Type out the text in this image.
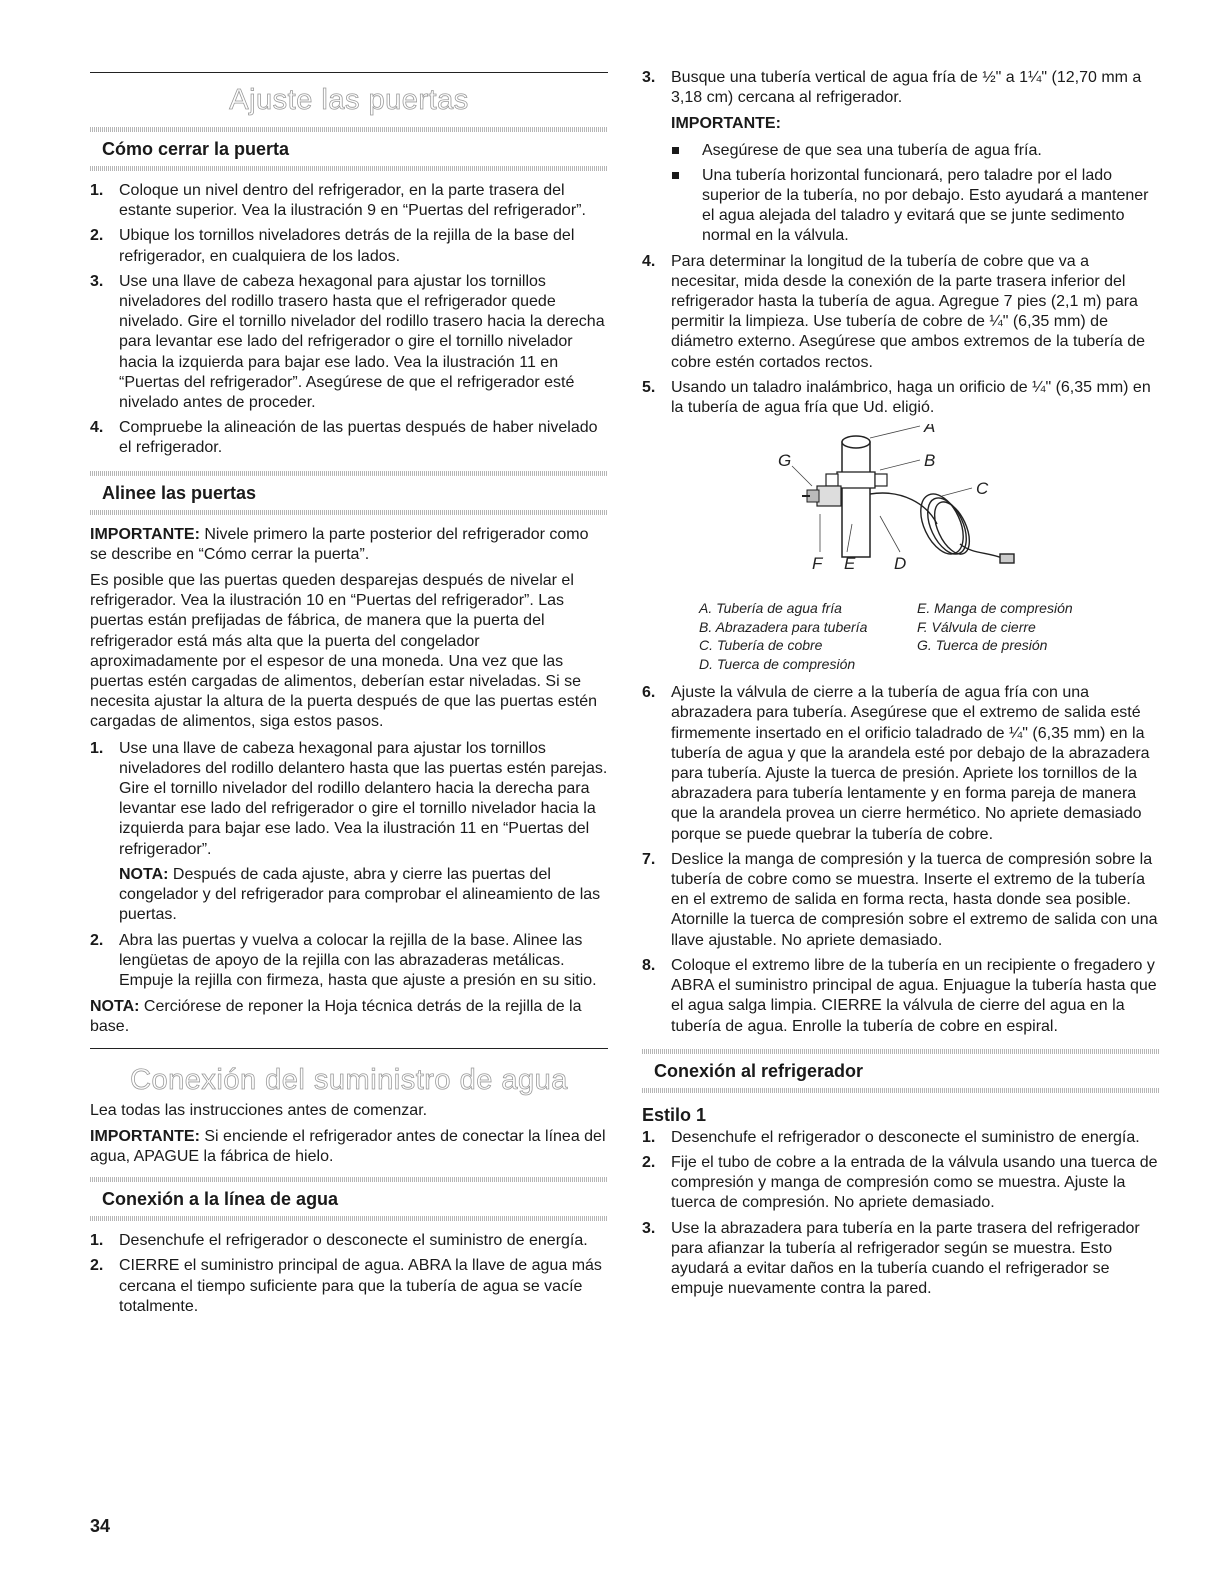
Ajuste las puertas
Cómo cerrar la puerta
1. Coloque un nivel dentro del refrigerador, en la parte trasera del estante superior. Vea la ilustración 9 en “Puertas del refrigerador”.
2. Ubique los tornillos niveladores detrás de la rejilla de la base del refrigerador, en cualquiera de los lados.
3. Use una llave de cabeza hexagonal para ajustar los tornillos niveladores del rodillo trasero hasta que el refrigerador quede nivelado. Gire el tornillo nivelador del rodillo trasero hacia la derecha para levantar ese lado del refrigerador o gire el tornillo nivelador hacia la izquierda para bajar ese lado. Vea la ilustración 11 en “Puertas del refrigerador”. Asegúrese de que el refrigerador esté nivelado antes de proceder.
4. Compruebe la alineación de las puertas después de haber nivelado el refrigerador.
Alinee las puertas

IMPORTANTE: Nivele primero la parte posterior del refrigerador como se describe en “Cómo cerrar la puerta”.

Es posible que las puertas queden desparejas después de nivelar el refrigerador. Vea la ilustración 10 en “Puertas del refrigerador”. Las puertas están prefijadas de fábrica, de manera que la puerta del refrigerador está más alta que la puerta del congelador aproximadamente por el espesor de una moneda. Una vez que las puertas estén cargadas de alimentos, deberían estar niveladas. Si se necesita ajustar la altura de la puerta después de que las puertas estén cargadas de alimentos, siga estos pasos.

1. Use una llave de cabeza hexagonal para ajustar los tornillos niveladores del rodillo delantero hasta que las puertas estén parejas. Gire el tornillo nivelador del rodillo delantero hacia la derecha para levantar ese lado del refrigerador o gire el tornillo nivelador hacia la izquierda para bajar ese lado. Vea la ilustración 11 en “Puertas del refrigerador”.
NOTA: Después de cada ajuste, abra y cierre las puertas del congelador y del refrigerador para comprobar el alineamiento de las puertas.
2. Abra las puertas y vuelva a colocar la rejilla de la base. Alinee las lengüetas de apoyo de la rejilla con las abrazaderas metálicas. Empuje la rejilla con firmeza, hasta que ajuste a presión en su sitio.

NOTA: Cerciórese de reponer la Hoja técnica detrás de la rejilla de la base.

Conexión del suministro de agua

Lea todas las instrucciones antes de comenzar.

IMPORTANTE: Si enciende el refrigerador antes de conectar la línea del agua, APAGUE la fábrica de hielo.

Conexión a la línea de agua
1. Desenchufe el refrigerador o desconecte el suministro de energía.
2. CIERRE el suministro principal de agua. ABRA la llave de agua más cercana el tiempo suficiente para que la tubería de agua se vacíe totalmente.
3. Busque una tubería vertical de agua fría de ½" a 1¼" (12,70 mm a 3,18 cm) cercana al refrigerador.
IMPORTANTE:
Asegúrese de que sea una tubería de agua fría.
Una tubería horizontal funcionará, pero taladre por el lado superior de la tubería, no por debajo. Esto ayudará a mantener el agua alejada del taladro y evitará que se junte sedimento normal en la válvula.
4. Para determinar la longitud de la tubería de cobre que va a necesitar, mida desde la conexión de la parte trasera inferior del refrigerador hasta la tubería de agua. Agregue 7 pies (2,1 m) para permitir la limpieza. Use tubería de cobre de ¼" (6,35 mm) de diámetro externo. Asegúrese que ambos extremos de la tubería de cobre estén cortados rectos.
5. Usando un taladro inalámbrico, haga un orificio de ¼" (6,35 mm) en la tubería de agua fría que Ud. eligió.
A
B
C
D
E
F
G
A. Tubería de agua fría
B. Abrazadera para tubería
C. Tubería de cobre
D. Tuerca de compresión
E. Manga de compresión
F. Válvula de cierre
G. Tuerca de presión
6. Ajuste la válvula de cierre a la tubería de agua fría con una abrazadera para tubería. Asegúrese que el extremo de salida esté firmemente insertado en el orificio taladrado de ¼" (6,35 mm) en la tubería de agua y que la arandela esté por debajo de la abrazadera para tubería. Ajuste la tuerca de presión. Apriete los tornillos de la abrazadera para tubería lentamente y en forma pareja de manera que la arandela provea un cierre hermético. No apriete demasiado porque se puede quebrar la tubería de cobre.
7. Deslice la manga de compresión y la tuerca de compresión sobre la tubería de cobre como se muestra. Inserte el extremo de la tubería en el extremo de salida en forma recta, hasta donde sea posible. Atornille la tuerca de compresión sobre el extremo de salida con una llave ajustable. No apriete demasiado.
8. Coloque el extremo libre de la tubería en un recipiente o fregadero y ABRA el suministro principal de agua. Enjuague la tubería hasta que el agua salga limpia. CIERRE la válvula de cierre del agua en la tubería de agua. Enrolle la tubería de cobre en espiral.
Conexión al refrigerador
Estilo 1
1. Desenchufe el refrigerador o desconecte el suministro de energía.
2. Fije el tubo de cobre a la entrada de la válvula usando una tuerca de compresión y manga de compresión como se muestra. Ajuste la tuerca de compresión. No apriete demasiado.
3. Use la abrazadera para tubería en la parte trasera del refrigerador para afianzar la tubería al refrigerador según se muestra. Esto ayudará a evitar daños en la tubería cuando el refrigerador se empuje nuevamente contra la pared.
34
